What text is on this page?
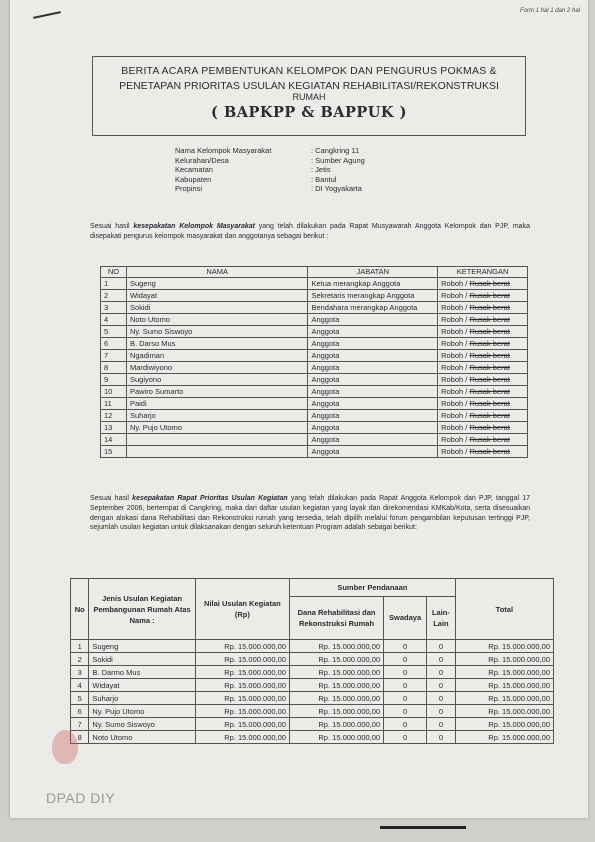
Form 1 hal 1 dan 2 hal
BERITA ACARA PEMBENTUKAN KELOMPOK DAN PENGURUS POKMAS &
PENETAPAN PRIORITAS USULAN KEGIATAN REHABILITASI/REKONSTRUKSI
RUMAH
( BAPKPP & BAPPUK )
Nama Kelompok Masyarakat	: Cangkring 11
Kelurahan/Desa	: Sumber Agung
Kecamatan	: Jetis
Kabupaten	: Bantul
Propinsi	: DI Yogyakarta
Sesuai hasil kesepakatan Kelompok Masyarakat yang telah dilakukan pada Rapat Musyawarah Anggota Kelompok dan PJP, maka disepakati pengurus kelompok masyarakat dan anggotanya sebagai berikut :
NO	NAMA	JABATAN	KETERANGAN
1	Sugeng	Ketua merangkap Anggota	Roboh / Rusak berat
2	Widayat	Sekretaris merangkap Anggota	Roboh / Rusak berat
3	Sokidi	Bendahara merangkap Anggota	Roboh / Rusak berat
4	Noto Utomo	Anggota	Roboh / Rusak berat
5	Ny. Sumo Siswoyo	Anggota	Roboh / Rusak berat
6	B. Darso Mus	Anggota	Roboh / Rusak berat
7	Ngadiman	Anggota	Roboh / Rusak berat
8	Mardiwiyono	Anggota	Roboh / Rusak berat
9	Sugiyono	Anggota	Roboh / Rusak berat
10	Pawiro Sumarto	Anggota	Roboh / Rusak berat
11	Paidi	Anggota	Roboh / Rusak berat
12	Suharjo	Anggota	Roboh / Rusak berat
13	Ny. Pujo Utomo	Anggota	Roboh / Rusak berat
14		Anggota	Roboh / Rusak berat
15		Anggota	Roboh / Rusak berat
Sesuai hasil kesepakatan Rapat Prioritas Usulan Kegiatan yang telah dilakukan pada Rapat Anggota Kelompok dan PJP, tanggal 17 September 2006, bertempat di Cangkring, maka dari daftar usulan kegiatan yang layak dan direkomendasi KMKab/Kota, serta disesuaikan dengan alokasi dana Rehabilitasi dan Rekonstruksi rumah yang tersedia, telah dipilih melalui forum pengambilan keputusan tertinggi PJP, sejumlah usulan kegiatan untuk dilaksanakan dengan seluruh ketentuan Program adalah sebagai berikut:
No	Jenis Usulan Kegiatan Pembangunan Rumah Atas Nama :	Nilai Usulan Kegiatan (Rp)	Sumber Pendanaan			Total
			Dana Rehabilitasi dan Rekonstruksi Rumah	Swadaya	Lain-Lain	
1	Sugeng	Rp. 15.000.000,00	Rp. 15.000.000,00	0	0	Rp. 15.000.000,00
2	Sokidi	Rp. 15.000.000,00	Rp. 15.000.000,00	0	0	Rp. 15.000.000,00
3	B. Darmo Mus	Rp. 15.000.000,00	Rp. 15.000.000,00	0	0	Rp. 15.000.000,00
4	Widayat	Rp. 15.000.000,00	Rp. 15.000.000,00	0	0	Rp. 15.000.000,00
5	Suharjo	Rp. 15.000.000,00	Rp. 15.000.000,00	0	0	Rp. 15.000.000,00
6	Ny. Pujo Utomo	Rp. 15.000.000,00	Rp. 15.000.000,00	0	0	Rp. 15.000.000,00
7	Ny. Sumo Siswoyo	Rp. 15.000.000,00	Rp. 15.000.000,00	0	0	Rp. 15.000.000,00
8	Noto Utomo	Rp. 15.000.000,00	Rp. 15.000.000,00	0	0	Rp. 15.000.000,00
DPAD DIY
